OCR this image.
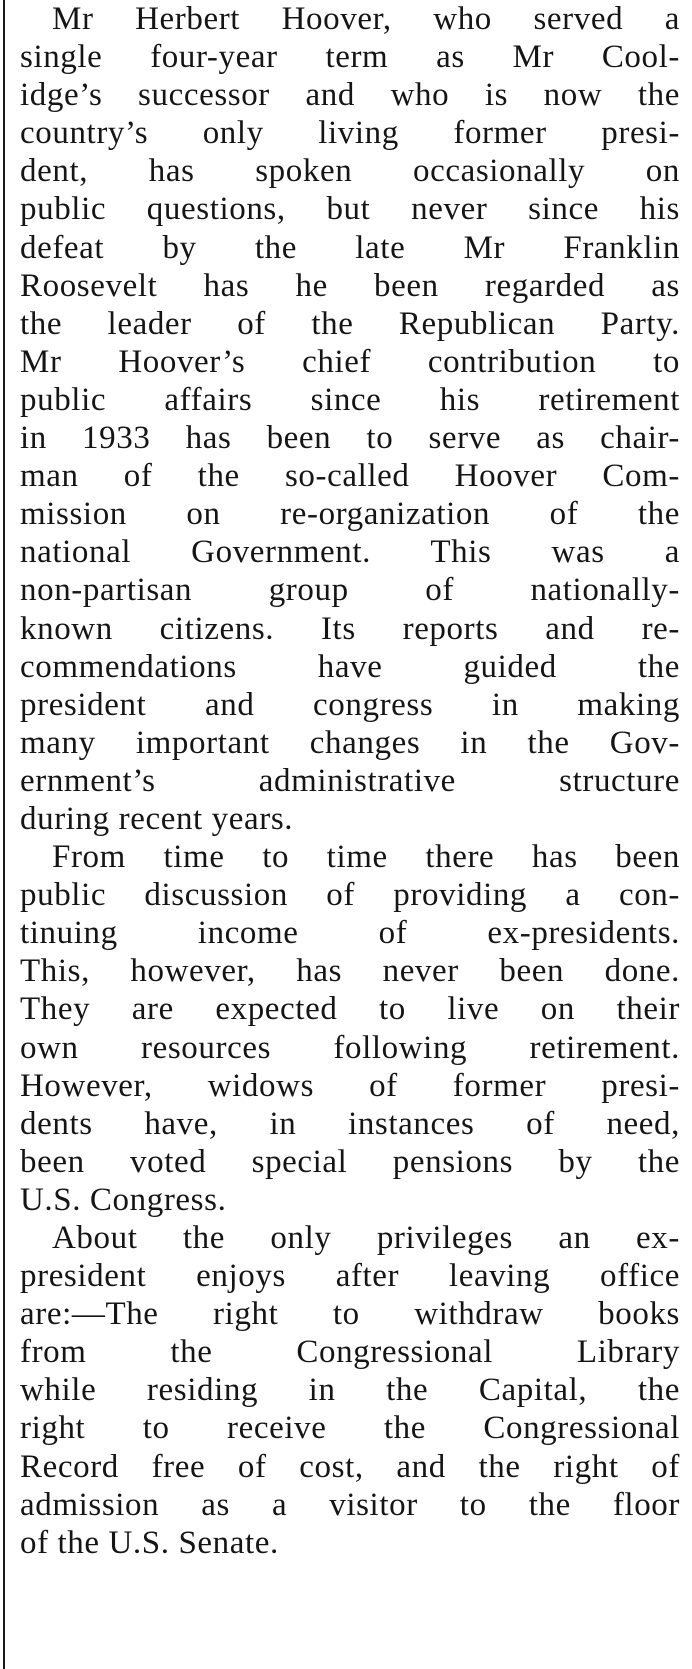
Mr Herbert Hoover, who served a
single four-year term as Mr Cool-
idge’s successor and who is now the
country’s only living former presi-
dent, has spoken occasionally on
public questions, but never since his
defeat by the late Mr Franklin
Roosevelt has he been regarded as
the leader of the Republican Party.
Mr Hoover’s chief contribution to
public affairs since his retirement
in 1933 has been to serve as chair-
man of the so-called Hoover Com-
mission on re-organization of the
national Government. This was a
non-partisan group of nationally-
known citizens. Its reports and re-
commendations have guided the
president and congress in making
many important changes in the Gov-
ernment’s administrative structure
during recent years.
From time to time there has been
public discussion of providing a con-
tinuing income of ex-presidents.
This, however, has never been done.
They are expected to live on their
own resources following retirement.
However, widows of former presi-
dents have, in instances of need,
been voted special pensions by the
U.S. Congress.
About the only privileges an ex-
president enjoys after leaving office
are:—The right to withdraw books
from the Congressional Library
while residing in the Capital, the
right to receive the Congressional
Record free of cost, and the right of
admission as a visitor to the floor
of the U.S. Senate.
